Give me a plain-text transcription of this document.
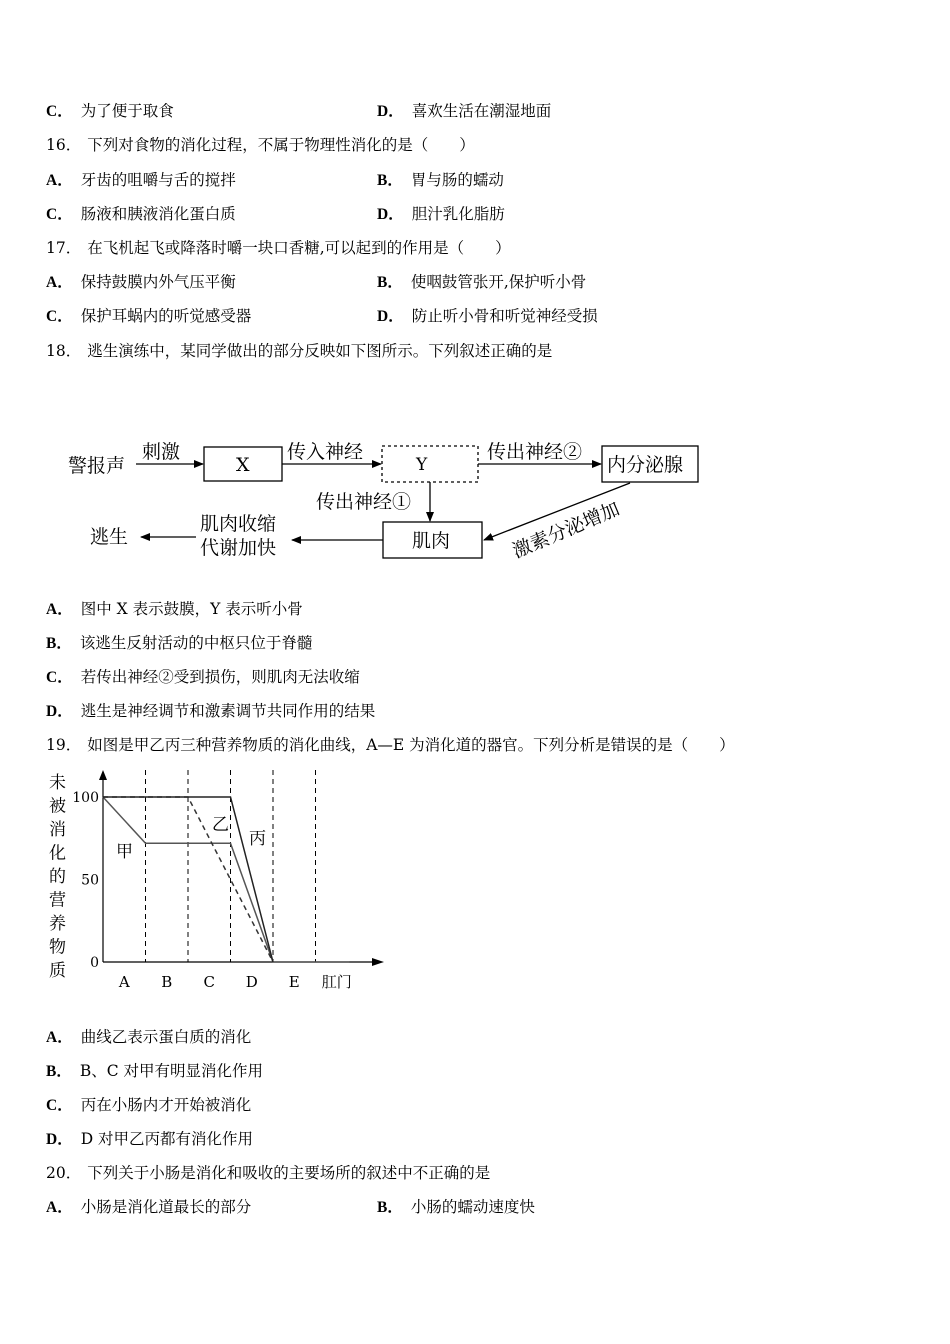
C． 为了便于取食	D． 喜欢生活在潮湿地面
16． 下列对食物的消化过程，不属于物理性消化的是（　　）
A． 牙齿的咀嚼与舌的搅拌	B． 胃与肠的蠕动
C． 肠液和胰液消化蛋白质	D． 胆汁乳化脂肪
17． 在飞机起飞或降落时嚼一块口香糖,可以起到的作用是（　　）
A． 保持鼓膜内外气压平衡	B． 使咽鼓管张开,保护听小骨
C． 保护耳蜗内的听觉感受器	D． 防止听小骨和听觉神经受损
18． 逃生演练中，某同学做出的部分反映如下图所示。下列叙述正确的是
警报声
刺激
X
传入神经
Y
传出神经②
内分泌腺
传出神经①
肌肉	激素分泌增加
肌肉收缩
代谢加快
逃生
A． 图中 X 表示鼓膜，Y 表示听小骨
B． 该逃生反射活动的中枢只位于脊髓
C． 若传出神经②受到损伤，则肌肉无法收缩
D． 逃生是神经调节和激素调节共同作用的结果
19． 如图是甲乙丙三种营养物质的消化曲线，A—E 为消化道的器官。下列分析是错误的是（　　）
未
被
消
化
的
营
养
物
质
100
50
0
A B C D E 肛门
甲
乙
丙
A． 曲线乙表示蛋白质的消化
B． B、C 对甲有明显消化作用
C． 丙在小肠内才开始被消化
D． D 对甲乙丙都有消化作用
20． 下列关于小肠是消化和吸收的主要场所的叙述中不正确的是
A． 小肠是消化道最长的部分	B． 小肠的蠕动速度快
